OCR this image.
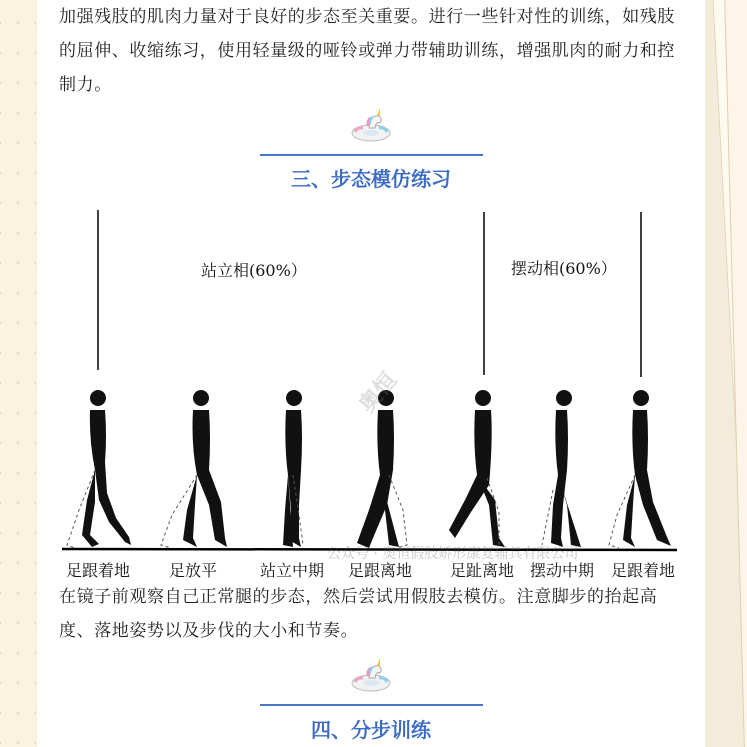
加强残肢的肌肉力量对于良好的步态至关重要。进行一些针对性的训练，如残肢的屈伸、收缩练习，使用轻量级的哑铃或弹力带辅助训练，增强肌肉的耐力和控制力。
三、步态模仿练习
站立相(60%）	摆动相(60%）
奥恒
公众号 · 奥恒假肢矫形康复辅具有限公司
足跟着地 足放平	站立中期 足跟离地 足趾离地 摆动中期 足跟着地
在镜子前观察自己正常腿的步态，然后尝试用假肢去模仿。注意脚步的抬起高度、落地姿势以及步伐的大小和节奏。
四、分步训练
